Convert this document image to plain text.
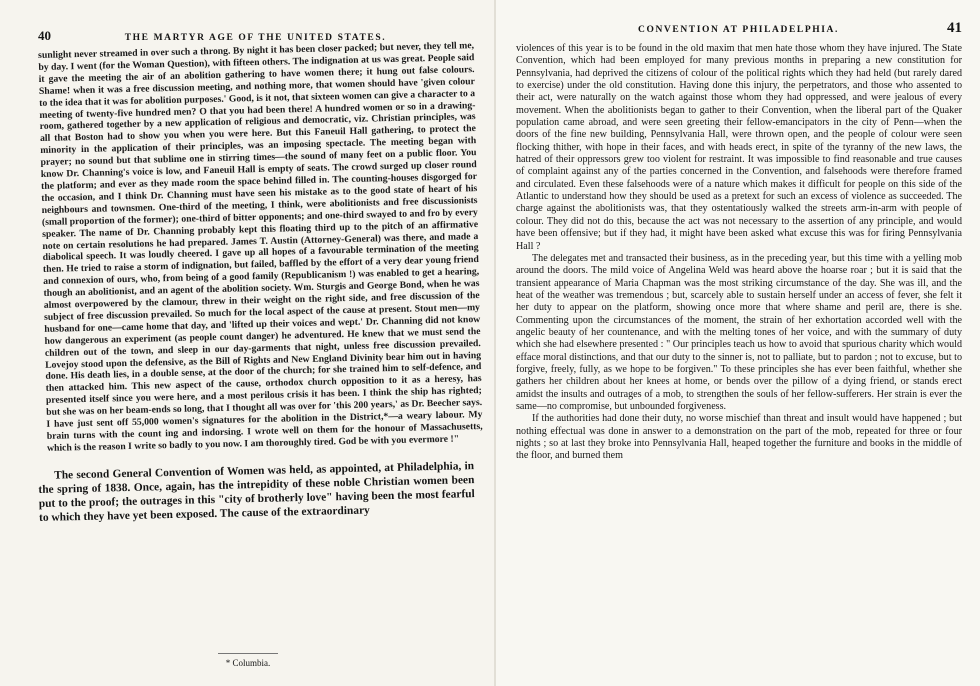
40	THE MARTYR AGE OF THE UNITED STATES.

sunlight never streamed in over such a throng. By night it has been closer packed; but never, they tell me, by day. I went (for the Woman Question), with fifteen others. The indignation at us was great. People said it gave the meeting the air of an abolition gathering to have women there; it hung out false colours. Shame! when it was a free discussion meeting, and nothing more, that women should have 'given colour to the idea that it was for abolition purposes.' Good, is it not, that sixteen women can give a character to a meeting of twenty-five hundred men? O that you had been there! A hundred women or so in a drawing-room, gathered together by a new application of religious and democratic, viz. Christian principles, was all that Boston had to show you when you were here. But this Faneuil Hall gathering, to protect the minority in the application of their principles, was an imposing spectacle. The meeting began with prayer; no sound but that sublime one in stirring times—the sound of many feet on a public floor. You know Dr. Channing's voice is low, and Faneuil Hall is empty of seats. The crowd surged up closer round the platform; and ever as they made room the space behind filled in. The counting-houses disgorged for the occasion, and I think Dr. Channing must have seen his mistake as to the good state of heart of his neighbours and townsmen. One-third of the meeting, I think, were abolitionists and free discussionists (small proportion of the former); one-third of bitter opponents; and one-third swayed to and fro by every speaker. The name of Dr. Channing probably kept this floating third up to the pitch of an affirmative note on certain resolutions he had prepared. James T. Austin (Attorney-General) was there, and made a diabolical speech. It was loudly cheered. I gave up all hopes of a favourable termination of the meeting then. He tried to raise a storm of indignation, but failed, baffled by the effort of a very dear young friend and connexion of ours, who, from being of a good family (Republicanism !) was enabled to get a hearing, though an abolitionist, and an agent of the abolition society. Wm. Sturgis and George Bond, when he was almost overpowered by the clamour, threw in their weight on the right side, and free discussion of the subject of free discussion prevailed. So much for the local aspect of the cause at present. Stout men—my husband for one—came home that day, and 'lifted up their voices and wept.' Dr. Channing did not know how dangerous an experiment (as people count danger) he adventured. He knew that we must send the children out of the town, and sleep in our day-garments that night, unless free discussion prevailed. Lovejoy stood upon the defensive, as the Bill of Rights and New England Divinity bear him out in having done. His death lies, in a double sense, at the door of the church; for she trained him to self-defence, and then attacked him. This new aspect of the cause, orthodox church opposition to it as a heresy, has presented itself since you were here, and a most perilous crisis it has been. I think the ship has righted; but she was on her beam-ends so long, that I thought all was over for 'this 200 years,' as Dr. Beecher says. I have just sent off 55,000 women's signatures for the abolition in the District,*—a weary labour. My brain turns with the count ing and indorsing. I wrote well on them for the honour of Massachusetts, which is the reason I write so badly to you now. I am thoroughly tired. God be with you evermore !"

The second General Convention of Women was held, as appointed, at Philadelphia, in the spring of 1838. Once, again, has the intrepidity of these noble Christian women been put to the proof; the outrages in this "city of brotherly love" having been the most fearful to which they have yet been exposed. The cause of the extraordinary

* Columbia.
CONVENTION AT PHILADELPHIA.	41

violences of this year is to be found in the old maxim that men hate those whom they have injured. The State Convention, which had been employed for many previous months in preparing a new constitution for Pennsylvania, had deprived the citizens of colour of the political rights which they had held (but rarely dared to exercise) under the old constitution. Having done this injury, the perpetrators, and those who assented to their act, were naturally on the watch against those whom they had oppressed, and were jealous of every movement. When the abolitionists began to gather to their Convention, when the liberal part of the Quaker population came abroad, and were seen greeting their fellow-emancipators in the city of Penn—when the doors of the fine new building, Pennsylvania Hall, were thrown open, and the people of colour were seen flocking thither, with hope in their faces, and with heads erect, in spite of the tyranny of the new laws, the hatred of their oppressors grew too violent for restraint. It was impossible to find reasonable and true causes of complaint against any of the parties concerned in the Convention, and falsehoods were therefore framed and circulated. Even these falsehoods were of a nature which makes it difficult for people on this side of the Atlantic to understand how they should be used as a pretext for such an excess of violence as succeeded. The charge against the abolitionists was, that they ostentatiously walked the streets arm-in-arm with people of colour. They did not do this, because the act was not necessary to the assertion of any principle, and would have been offensive; but if they had, it might have been asked what excuse this was for firing Pennsylvania Hall ?

The delegates met and transacted their business, as in the preceding year, but this time with a yelling mob around the doors. The mild voice of Angelina Weld was heard above the hoarse roar ; but it is said that the transient appearance of Maria Chapman was the most striking circumstance of the day. She was ill, and the heat of the weather was tremendous ; but, scarcely able to sustain herself under an access of fever, she felt it her duty to appear on the platform, showing once more that where shame and peril are, there is she. Commenting upon the circumstances of the moment, the strain of her exhortation accorded well with the angelic beauty of her countenance, and with the melting tones of her voice, and with the summary of duty which she had elsewhere presented : " Our principles teach us how to avoid that spurious charity which would efface moral distinctions, and that our duty to the sinner is, not to palliate, but to pardon ; not to excuse, but to forgive, freely, fully, as we hope to be forgiven." To these principles she has ever been faithful, whether she gathers her children about her knees at home, or bends over the pillow of a dying friend, or stands erect amidst the insults and outrages of a mob, to strengthen the souls of her fellow-sufferers. Her strain is ever the same—no compromise, but unbounded forgiveness.

If the authorities had done their duty, no worse mischief than threat and insult would have happened ; but nothing effectual was done in answer to a demonstration on the part of the mob, repeated for three or four nights ; so at last they broke into Pennsylvania Hall, heaped together the furniture and books in the middle of the floor, and burned them
